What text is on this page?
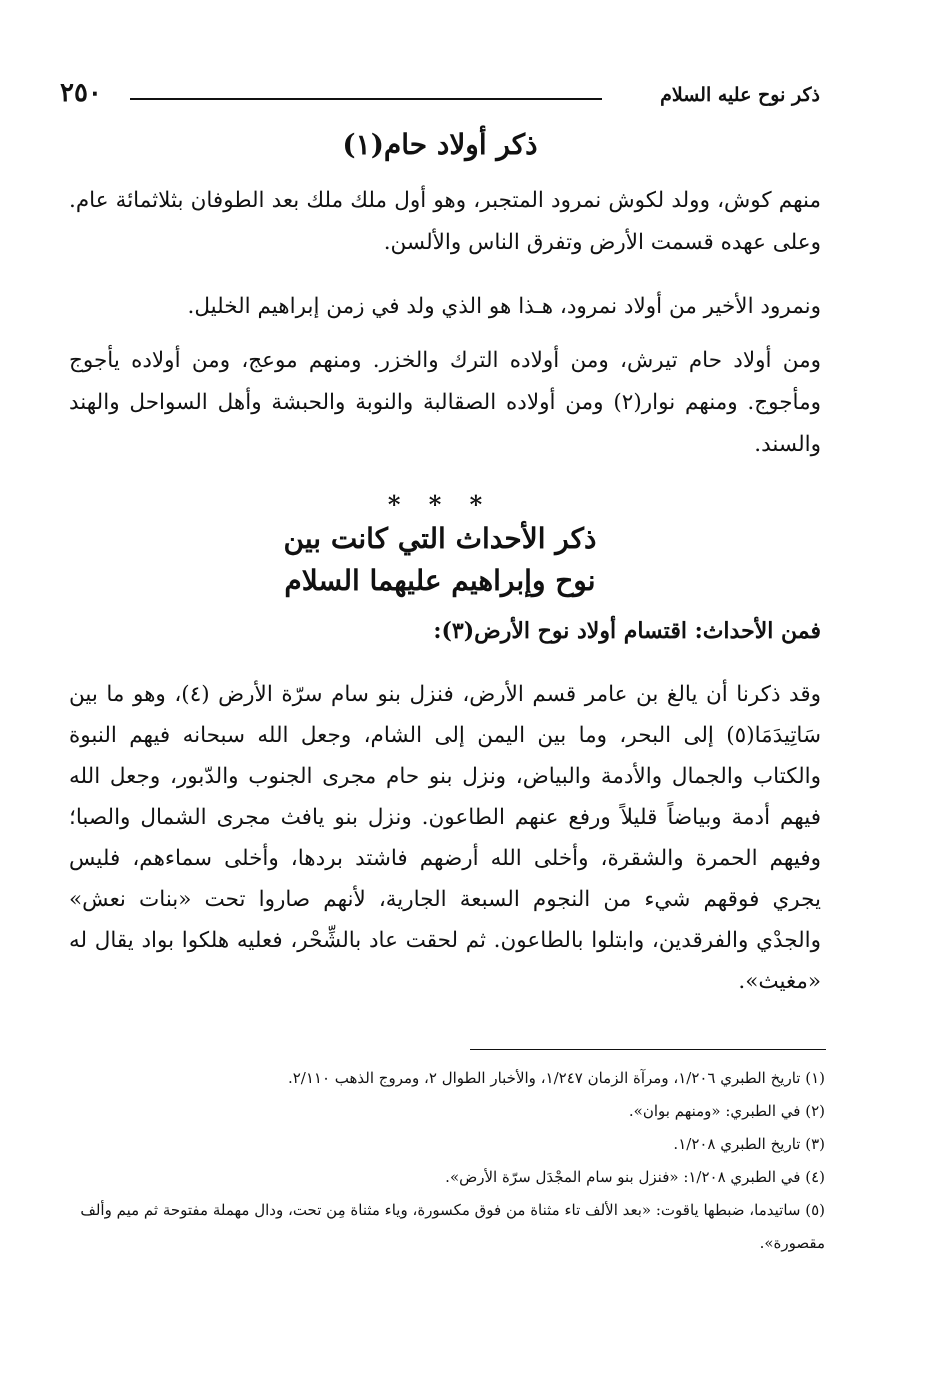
ذكر نوح عليه السلام
٢٥٠
ذكر أولاد حام(١)

منهم كوش، وولد لكوش نمرود المتجبر، وهو أول ملك ملك بعد الطوفان بثلاثمائة عام. وعلى عهده قسمت الأرض وتفرق الناس والألسن.

ونمرود الأخير من أولاد نمرود، هـذا هو الذي ولد في زمن إبراهيم الخليل.

ومن أولاد حام تيرش، ومن أولاده الترك والخزر. ومنهم موعج، ومن أولاده يأجوج ومأجوج. ومنهم نوار(٢) ومن أولاده الصقالبة والنوبة والحبشة وأهل السواحل والهند والسند.

* * *
ذكر الأحداث التي كانت بين
نوح وإبراهيم عليهما السلام
فمن الأحداث: اقتسام أولاد نوح الأرض(٣):

وقد ذكرنا أن يالغ بن عامر قسم الأرض، فنزل بنو سام سرّة الأرض (٤)، وهو ما بين سَاتِيدَمَا(٥) إلى البحر، وما بين اليمن إلى الشام، وجعل الله سبحانه فيهم النبوة والكتاب والجمال والأدمة والبياض، ونزل بنو حام مجرى الجنوب والدّبور، وجعل الله فيهم أدمة وبياضاً قليلاً ورفع عنهم الطاعون. ونزل بنو يافث مجرى الشمال والصبا؛ وفيهم الحمرة والشقرة، وأخلى الله أرضهم فاشتد بردها، وأخلى سماءهم، فليس يجري فوقهم شيء من النجوم السبعة الجارية، لأنهم صاروا تحت «بنات نعش» والجدْي والفرقدين، وابتلوا بالطاعون. ثم لحقت عاد بالشِّحْر، فعليه هلكوا بواد يقال له «مغيث».

(١) تاريخ الطبري ١/٢٠٦، ومرآة الزمان ١/٢٤٧، والأخبار الطوال ٢، ومروج الذهب ٢/١١٠.
(٢) في الطبري: «ومنهم بوان».
(٣) تاريخ الطبري ١/٢٠٨.
(٤) في الطبري ١/٢٠٨: «فنزل بنو سام المجْدَل سرّة الأرض».
(٥) ساتيدما، ضبطها ياقوت: «بعد الألف تاء مثناة من فوق مكسورة، وياء مثناة مِن تحت، ودال مهملة مفتوحة ثم ميم وألف مقصورة».
